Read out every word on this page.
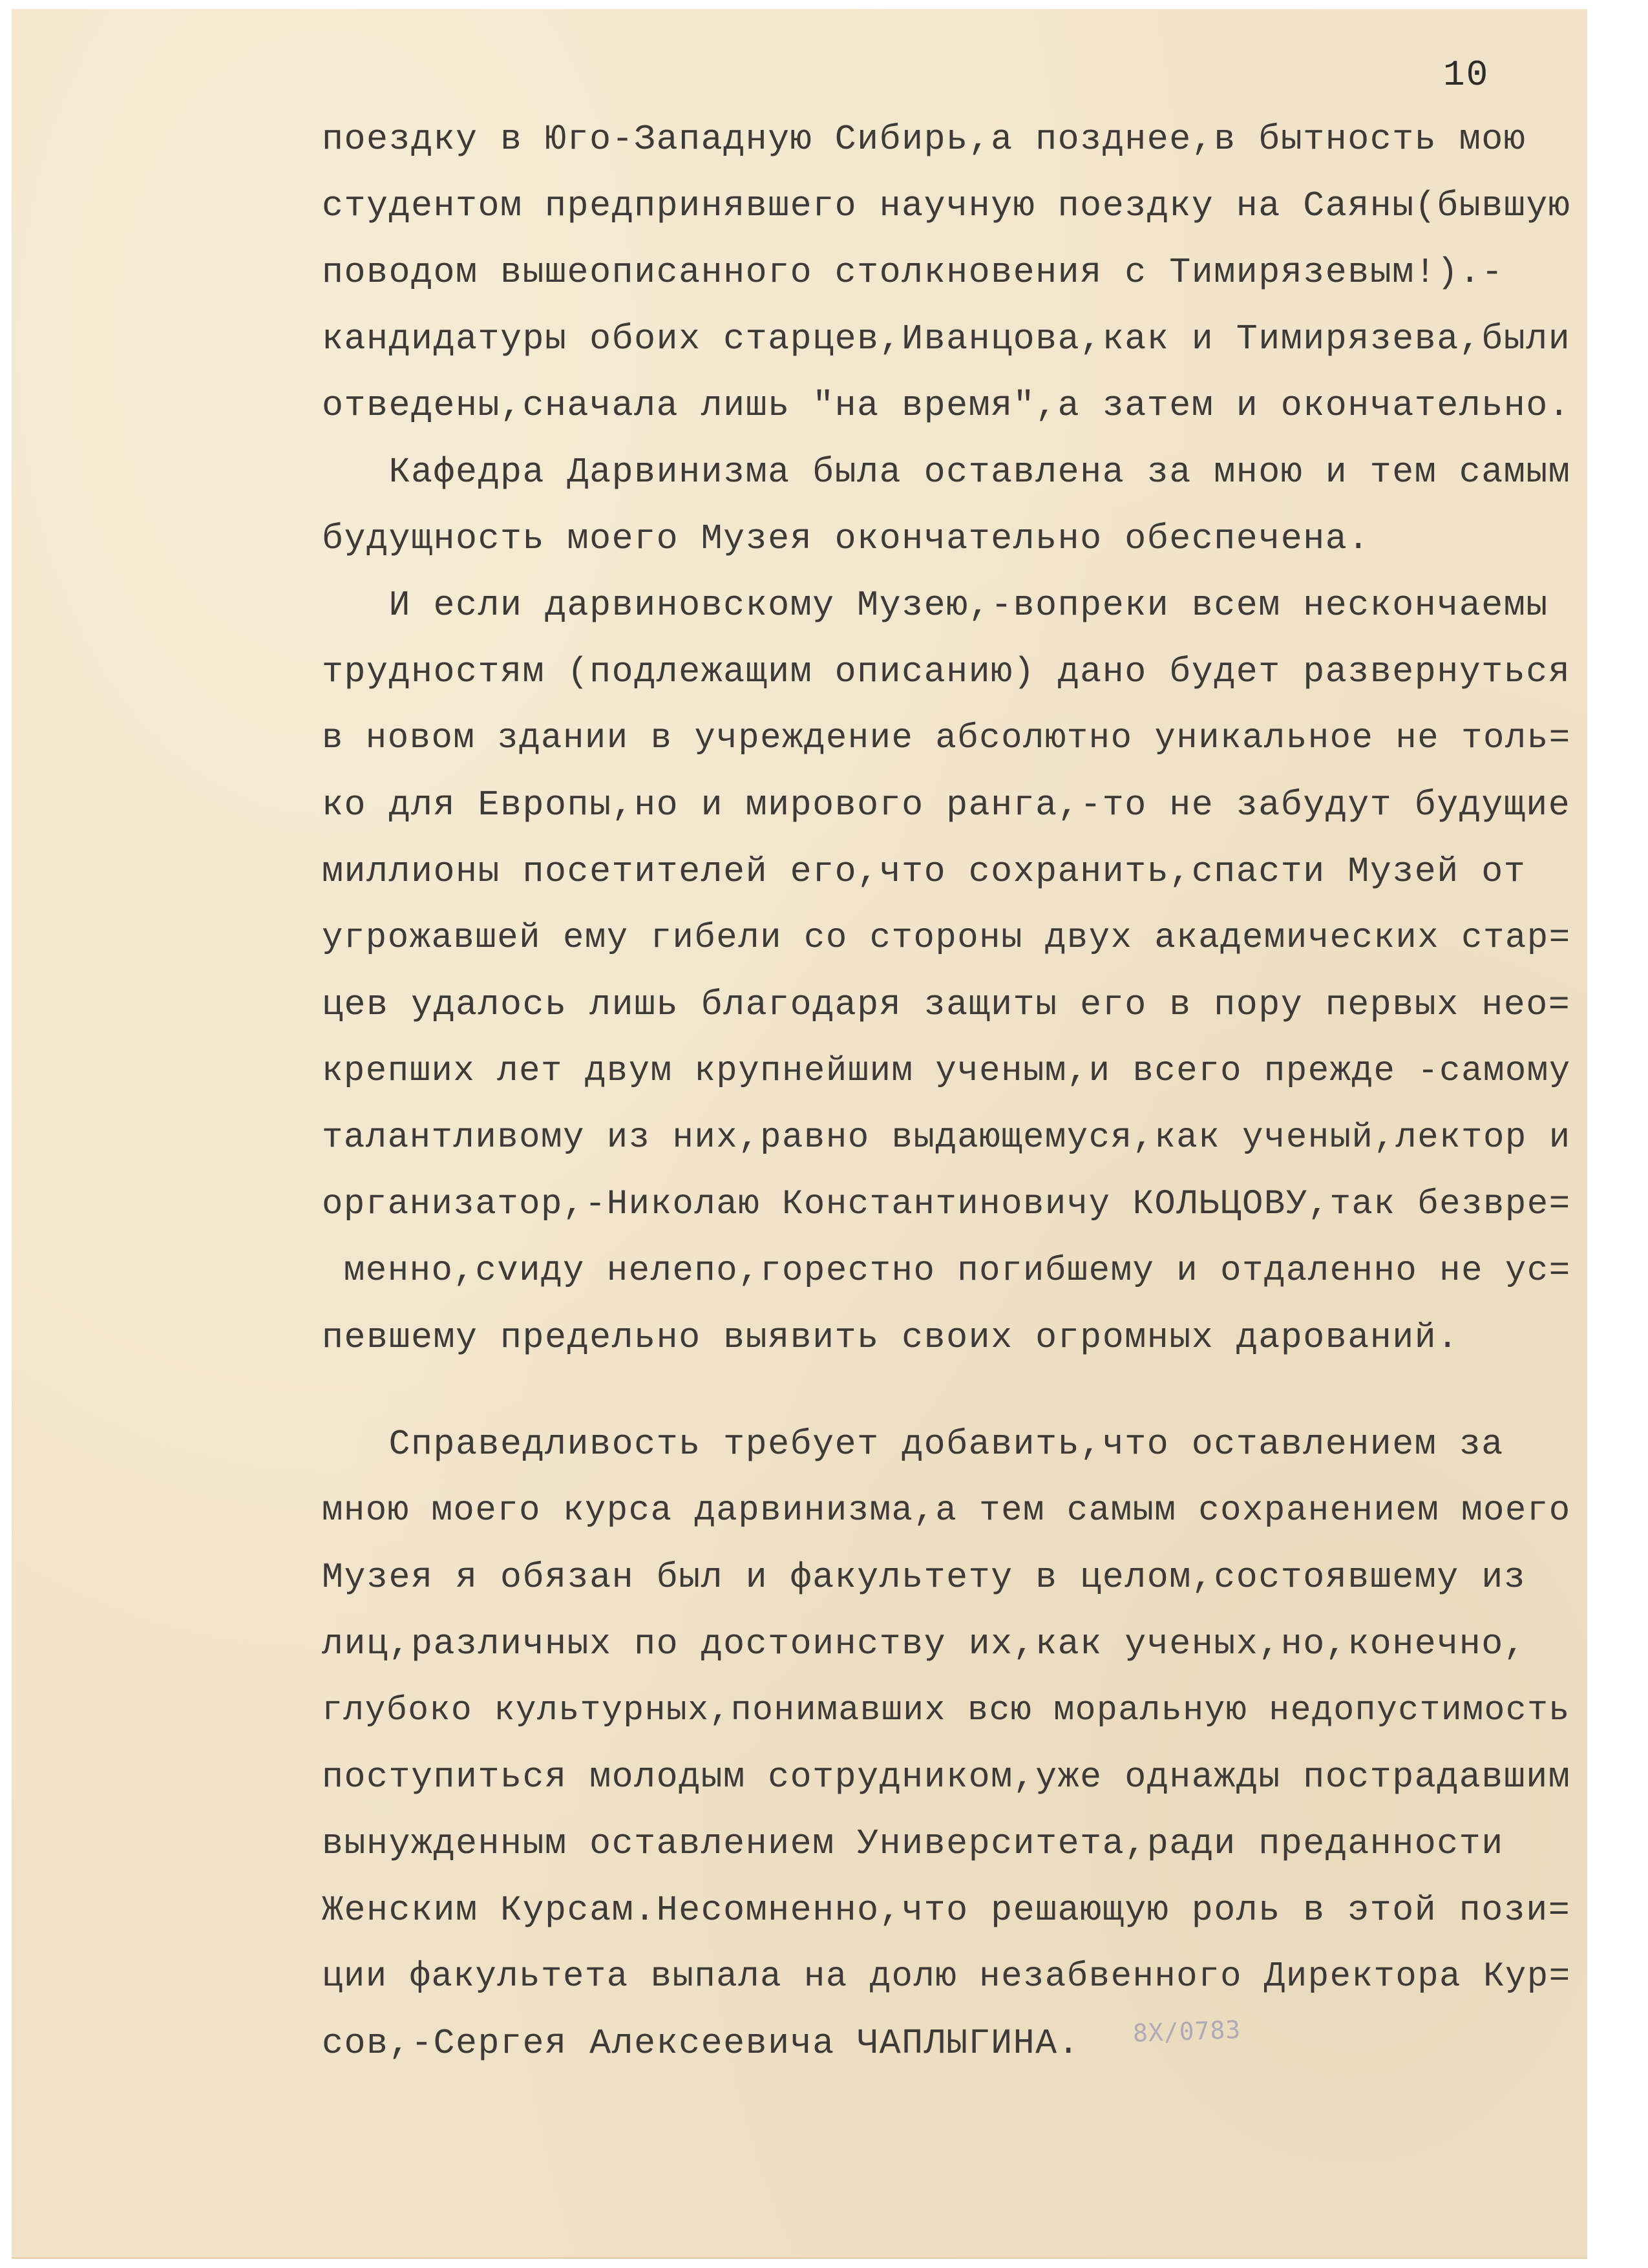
10
поездку в Юго-Западную Сибирь,а позднее,в бытность мою
студентом предпринявшего научную поездку на Саяны(бывшую
поводом вышеописанного столкновения с Тимирязевым!).-
кандидатуры обоих старцев,Иванцова,как и Тимирязева,были
отведены,сначала лишь "на время",а затем и окончательно.
Кафедра Дарвинизма была оставлена за мною и тем самым
будущность моего Музея окончательно обеспечена.
И если дарвиновскому Музею,-вопреки всем нескончаемы
трудностям (подлежащим описанию) дано будет развернуться
в новом здании в учреждение абсолютно уникальное не толь=
ко для Европы,но и мирового ранга,-то не забудут будущие
миллионы посетителей его,что сохранить,спасти Музей от
угрожавшей ему гибели со стороны двух академических стар=
цев удалось лишь благодаря защиты его в пору первых нео=
крепших лет двум крупнейшим ученым,и всего прежде -самому
талантливому из них,равно выдающемуся,как ученый,лектор и
организатор,-Николаю Константиновичу КОЛЬЦОВУ,так безвре=
менно,сvиду нелепо,горестно погибшему и отдаленно не ус=
певшему предельно выявить своих огромных дарований.
Справедливость требует добавить,что оставлением за
мною моего курса дарвинизма,а тем самым сохранением моего
Музея я обязан был и факультету в целом,состоявшему из
лиц,различных по достоинству их,как ученых,но,конечно,
глубоко культурных,понимавших всю моральную недопустимость
поступиться молодым сотрудником,уже однажды пострадавшим
вынужденным оставлением Университета,ради преданности
Женским Курсам.Несомненно,что решающую роль в этой пози=
ции факультета выпала на долю незабвенного Директора Кур=
сов,-Сергея Алексеевича ЧАПЛЫГИНА.	8Х/0783
